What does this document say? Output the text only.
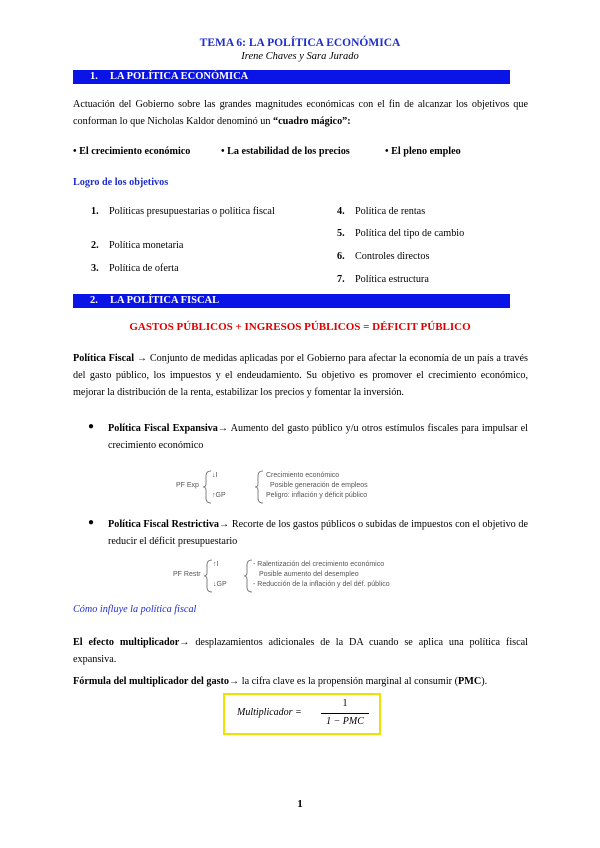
TEMA 6: LA POLÍTICA ECONÓMICA
Irene Chaves y Sara Jurado
1. LA POLÍTICA ECONÓMICA
Actuación del Gobierno sobre las grandes magnitudes económicas con el fin de alcanzar los objetivos que conforman lo que Nicholas Kaldor denominó un “cuadro mágico”:
• El crecimiento económico	• La estabilidad de los precios	• El pleno empleo
Logro de los objetivos
1. Políticas presupuestarias o política fiscal
2. Política monetaria
3. Política de oferta
4. Política de rentas
5. Política del tipo de cambio
6. Controles directos
7. Política estructura
2. LA POLÍTICA FISCAL
GASTOS PÚBLICOS + INGRESOS PÚBLICOS = DÉFICIT PÚBLICO
Política Fiscal → Conjunto de medidas aplicadas por el Gobierno para afectar la economía de un país a través del gasto público, los impuestos y el endeudamiento. Su objetivo es promover el crecimiento económico, mejorar la distribución de la renta, estabilizar los precios y fomentar la inversión.
● Política Fiscal Expansiva→ Aumento del gasto público y/u otros estímulos fiscales para impulsar el crecimiento económico
PF Exp
↓I
↑GP
Crecimiento económico
Posible generación de empleos
Peligro: inflación y déficit público
● Política Fiscal Restrictiva→ Recorte de los gastos públicos o subidas de impuestos con el objetivo de reducir el déficit presupuestario
PF Restr
↑I
↓GP
- Ralentización del crecimiento económico
Posible aumento del desempleo
- Reducción de la inflación y del déf. público
Cómo influye la política fiscal
El efecto multiplicador→ desplazamientos adicionales de la DA cuando se aplica una política fiscal expansiva.
Fórmula del multiplicador del gasto→ la cifra clave es la propensión marginal al consumir (PMC).
Multiplicador =
1
1 − PMC
1
